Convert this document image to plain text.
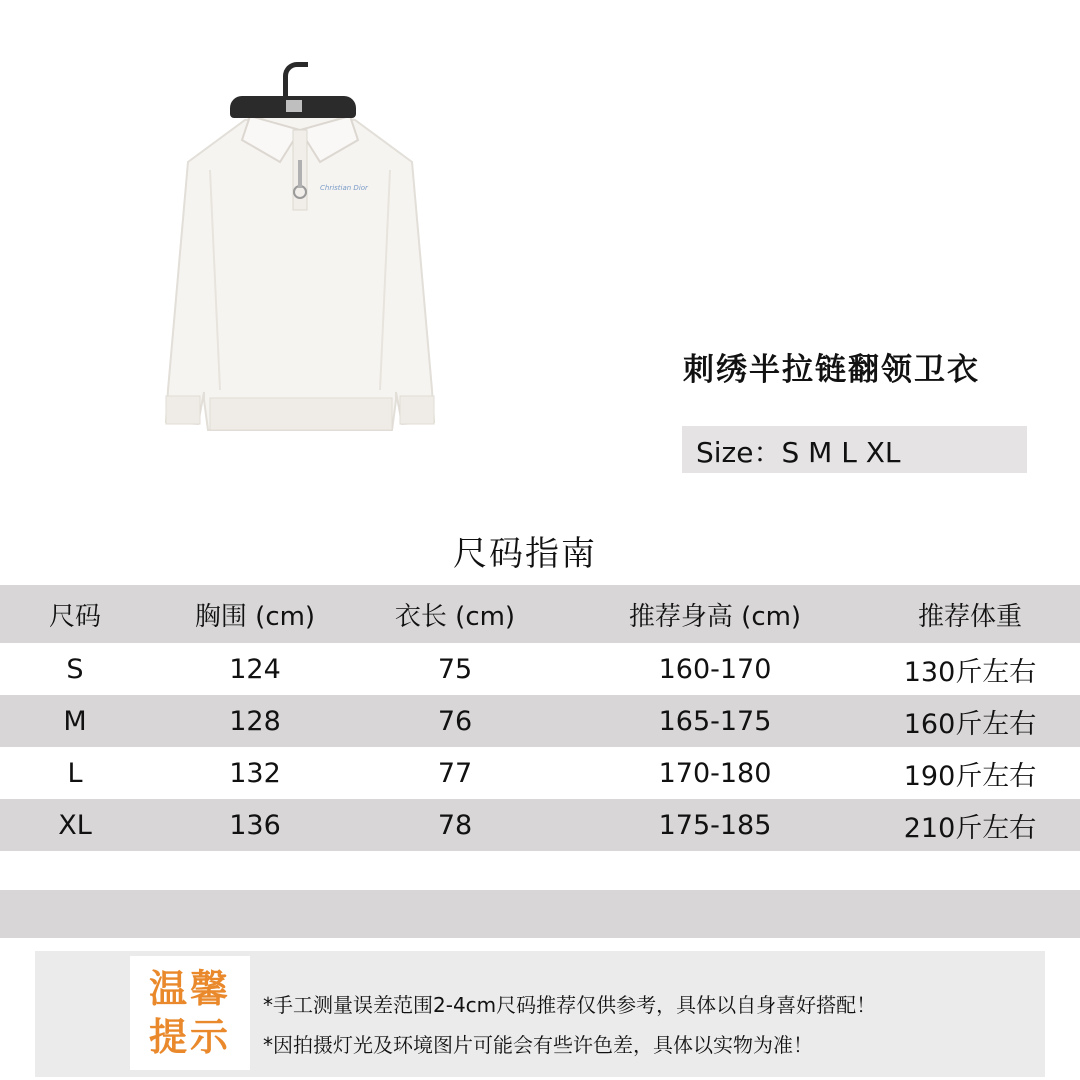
Christian Dior
刺绣半拉链翻领卫衣
Size：S M L XL
尺码指南
尺码	胸围 (cm)	衣长 (cm)	推荐身高 (cm)	推荐体重
S	124	75	160-170	130斤左右
M	128	76	165-175	160斤左右
L	132	77	170-180	190斤左右
XL	136	78	175-185	210斤左右
温馨
提示
*手工测量误差范围2-4cm尺码推荐仅供参考，具体以自身喜好搭配！
*因拍摄灯光及环境图片可能会有些许色差，具体以实物为准！
